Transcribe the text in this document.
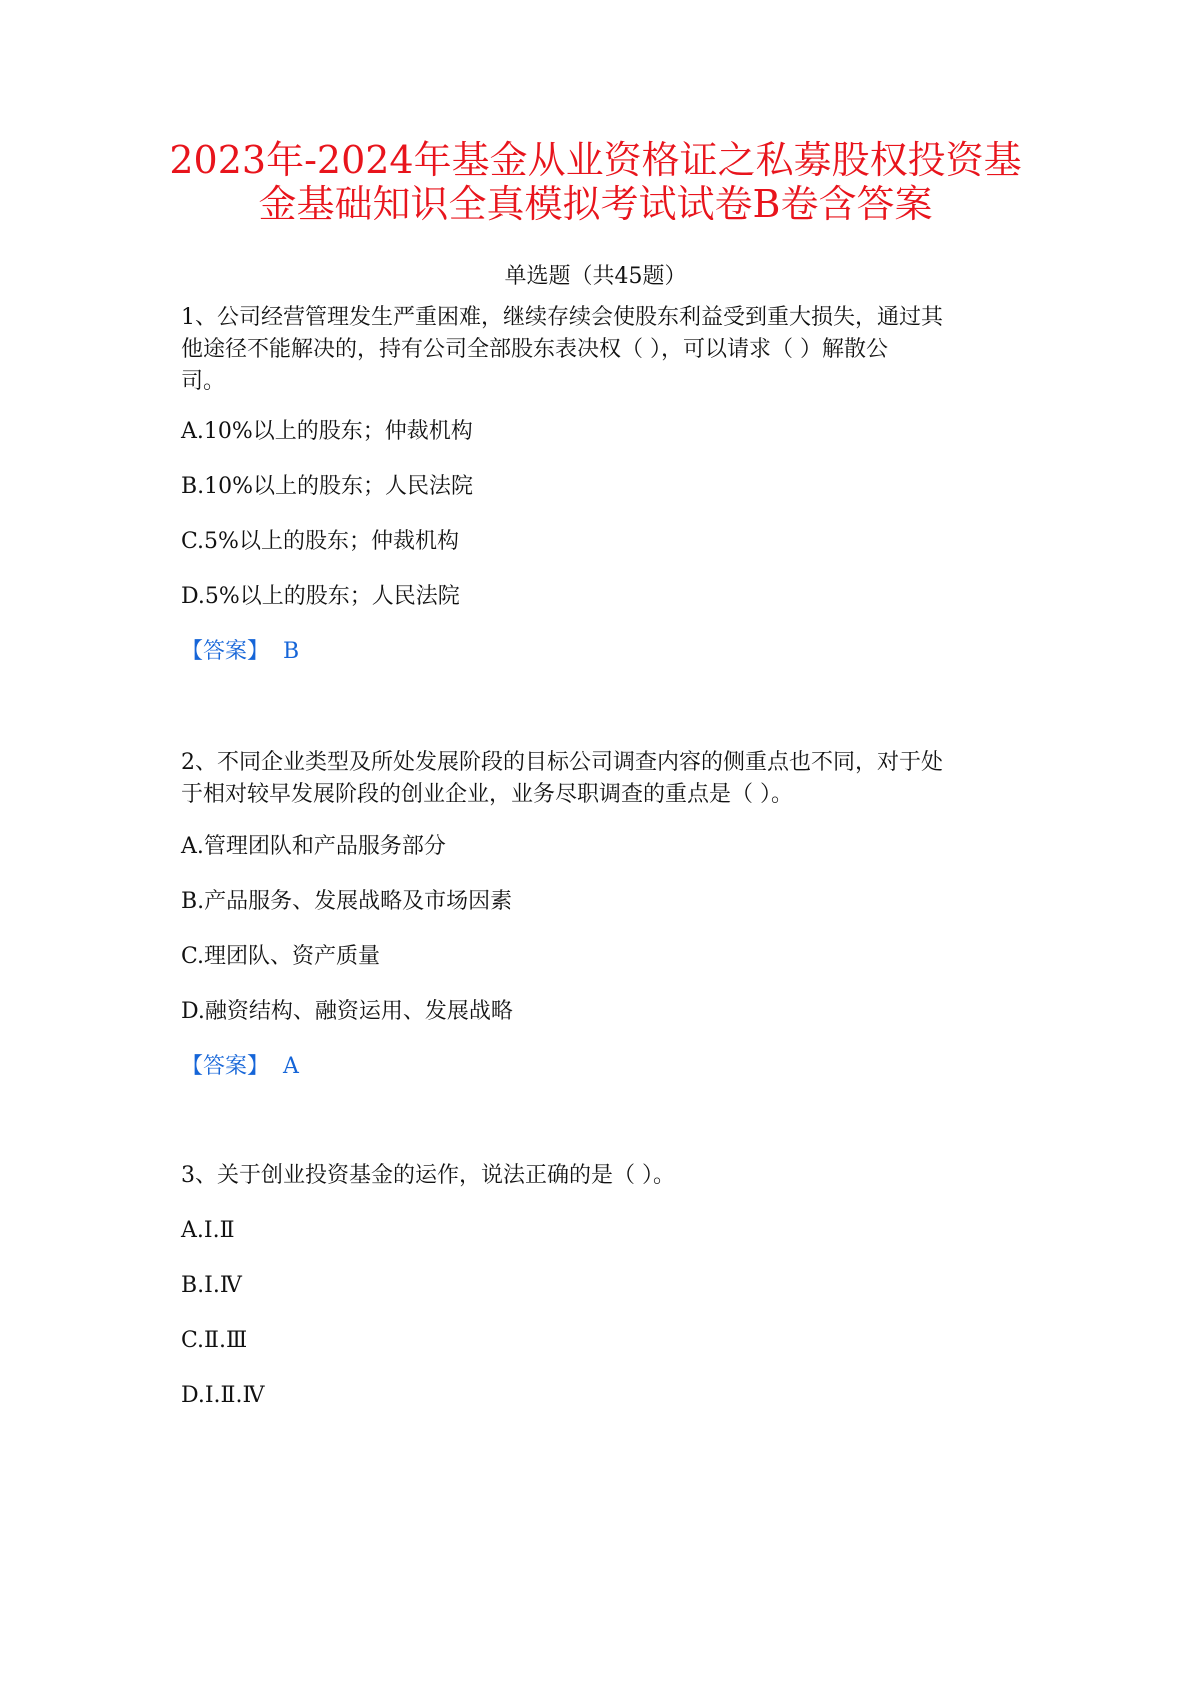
2023年-2024年基金从业资格证之私募股权投资基
金基础知识全真模拟考试试卷B卷含答案
单选题（共45题）
1、公司经营管理发生严重困难，继续存续会使股东利益受到重大损失，通过其
他途径不能解决的，持有公司全部股东表决权（ ），可以请求（ ）解散公
司。
A.10%以上的股东；仲裁机构
B.10%以上的股东；人民法院
C.5%以上的股东；仲裁机构
D.5%以上的股东；人民法院
【答案】 B
2、不同企业类型及所处发展阶段的目标公司调查内容的侧重点也不同，对于处
于相对较早发展阶段的创业企业，业务尽职调查的重点是（ ）。
A.管理团队和产品服务部分
B.产品服务、发展战略及市场因素
C.理团队、资产质量
D.融资结构、融资运用、发展战略
【答案】 A
3、关于创业投资基金的运作，说法正确的是（ ）。
A.Ⅰ.Ⅱ
B.Ⅰ.Ⅳ
C.Ⅱ.Ⅲ
D.Ⅰ.Ⅱ.Ⅳ
